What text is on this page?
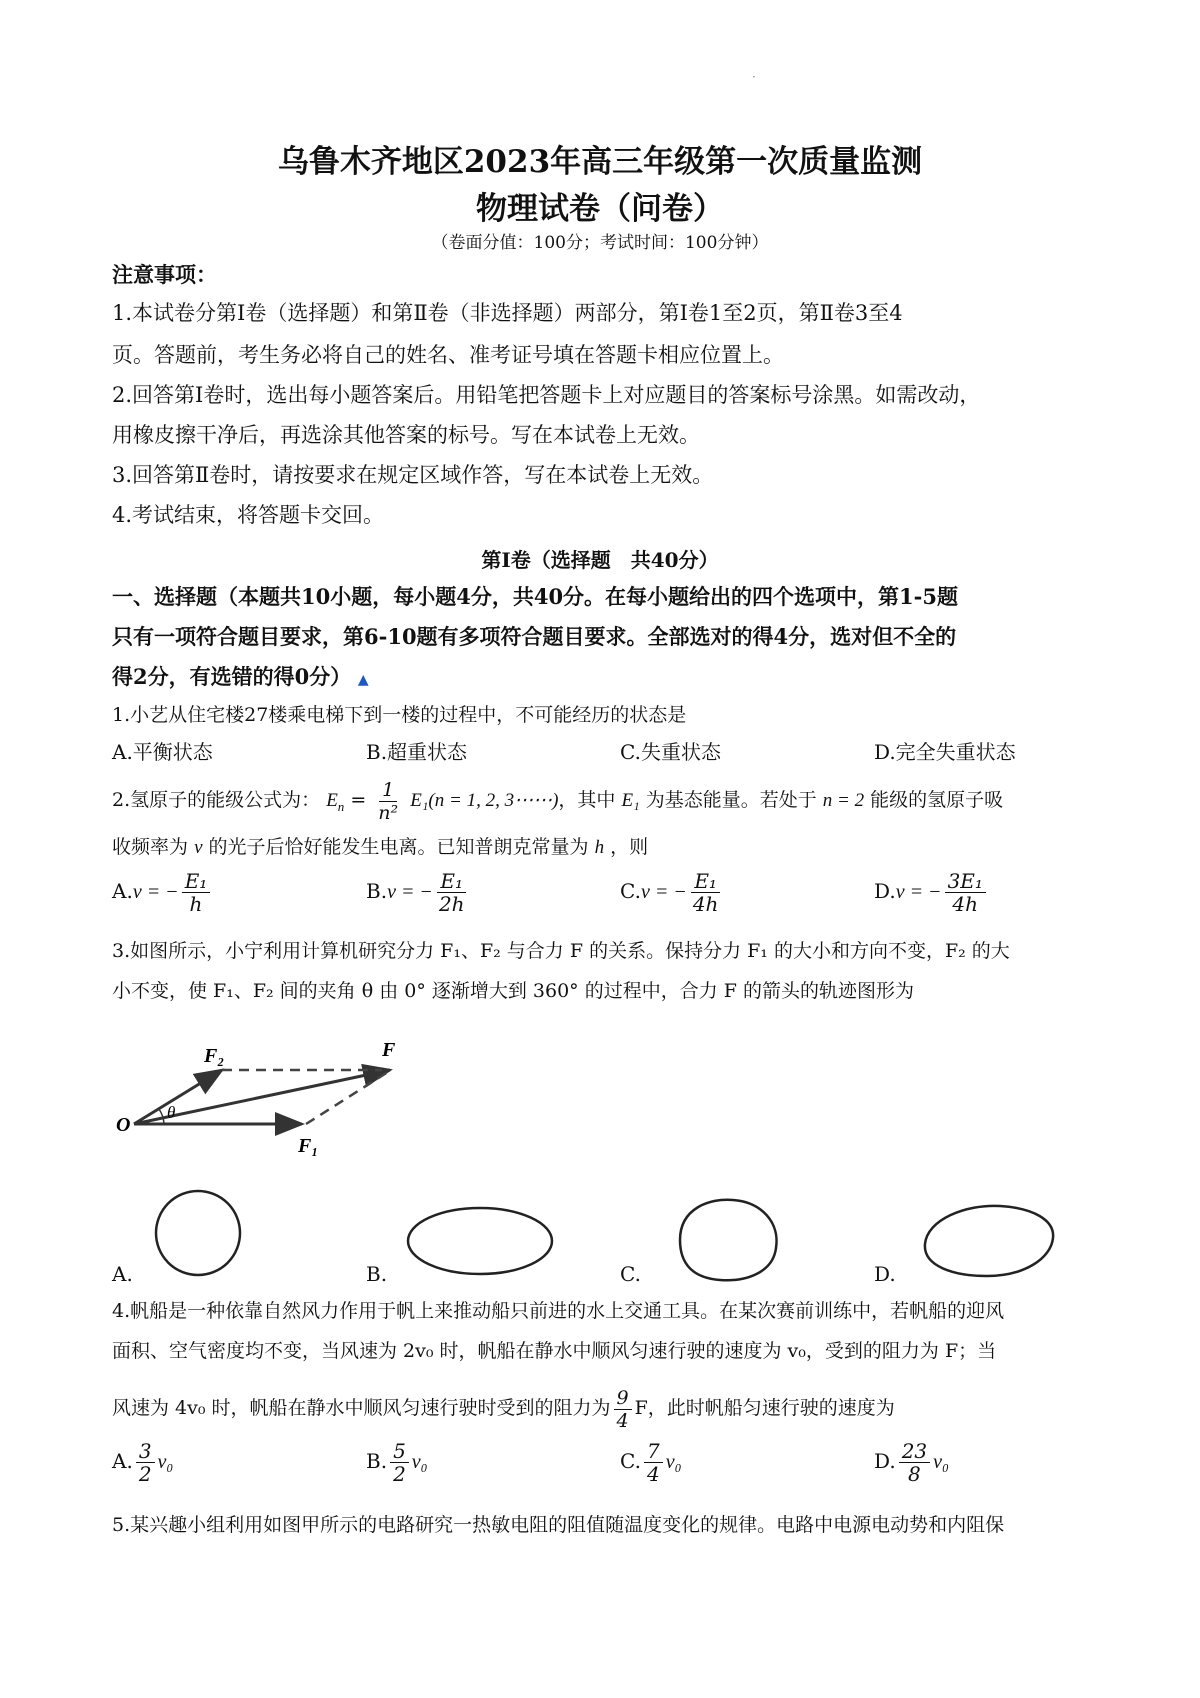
·
乌鲁木齐地区2023年高三年级第一次质量监测
物理试卷（问卷）
（卷面分值：100分；考试时间：100分钟）
注意事项：
1.本试卷分第Ⅰ卷（选择题）和第Ⅱ卷（非选择题）两部分，第Ⅰ卷1至2页，第Ⅱ卷3至4
页。答题前，考生务必将自己的姓名、准考证号填在答题卡相应位置上。
2.回答第Ⅰ卷时，选出每小题答案后。用铅笔把答题卡上对应题目的答案标号涂黑。如需改动，
用橡皮擦干净后，再选涂其他答案的标号。写在本试卷上无效。
3.回答第Ⅱ卷时，请按要求在规定区域作答，写在本试卷上无效。
4.考试结束，将答题卡交回。
第Ⅰ卷（选择题　共40分）
一、选择题（本题共10小题，每小题4分，共40分。在每小题给出的四个选项中，第1-5题
只有一项符合题目要求，第6-10题有多项符合题目要求。全部选对的得4分，选对但不全的
得2分，有选错的得0分） ▲
1.小艺从住宅楼27楼乘电梯下到一楼的过程中，不可能经历的状态是
A.平衡状态	B.超重状态	C.失重状态	D.完全失重状态
2.氢原子的能级公式为： $E_n = \frac{1}{\text{n²}} E_1(n = 1$, 2, 3⋯⋯)，其中 E₁ 为基态能量。若处于 n = 2 能级的氢原子吸
收频率为 ν 的光子后恰好能发生电离。已知普朗克常量为 h ，则
A.ν = − $\frac{\text{E₁}}{h}$	B.ν = − $\frac{\text{E₁}}{2h}$	C.ν = − $\frac{\text{E₁}}{4h}$	D.ν = − $\frac{\text{3E₁}}{4h}$
3.如图所示，小宁利用计算机研究分力 F₁、F₂ 与合力 F 的关系。保持分力 F₁ 的大小和方向不变，F₂ 的大
小不变，使 F₁、F₂ 间的夹角 θ 由 0° 逐渐增大到 360° 的过程中，合力 F 的箭头的轨迹图形为
O
F
F₂
F₁
θ
A.	B.	C.	D.
4.帆船是一种依靠自然风力作用于帆上来推动船只前进的水上交通工具。在某次赛前训练中，若帆船的迎风
面积、空气密度均不变，当风速为 2v₀ 时，帆船在静水中顺风匀速行驶的速度为 v₀，受到的阻力为 F；当
风速为 4v₀ 时，帆船在静水中顺风匀速行驶时受到的阻力为 $\frac{9}{4}$ F，此时帆船匀速行驶的速度为
A. $\frac{3}{2} v_0$	B. $\frac{5}{2} v_0$	C. $\frac{7}{4} v_0$	D. $\frac{23}{8} v_0$
5.某兴趣小组利用如图甲所示的电路研究一热敏电阻的阻值随温度变化的规律。电路中电源电动势和内阻保
